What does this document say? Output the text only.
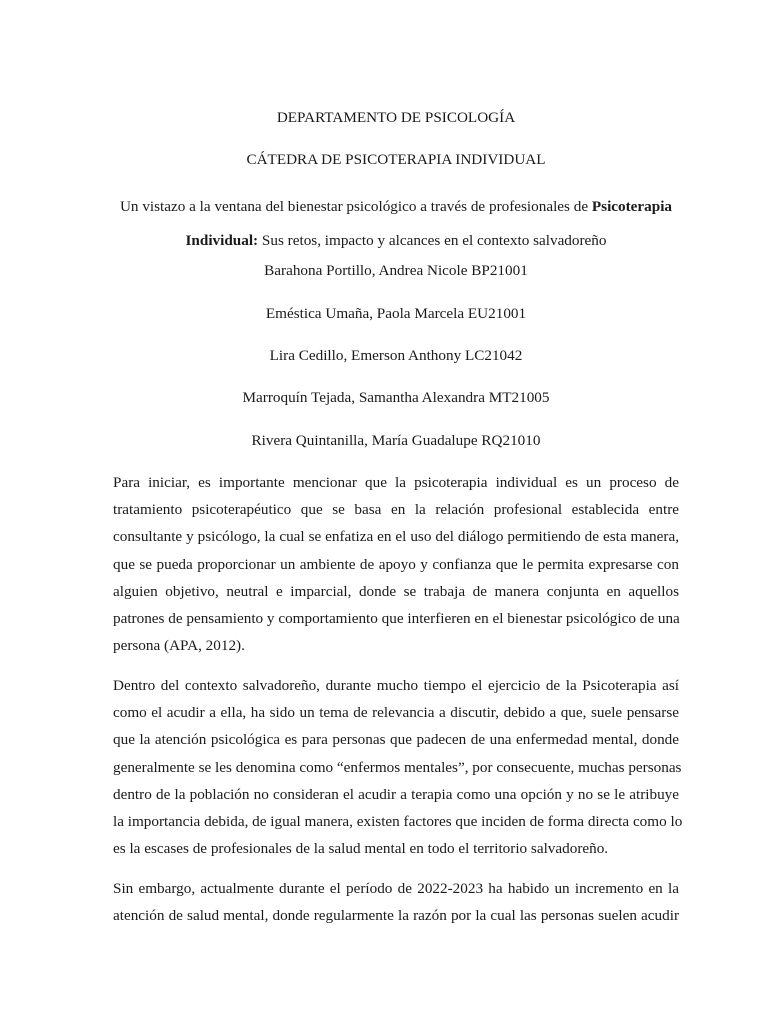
DEPARTAMENTO DE PSICOLOGÍA
CÁTEDRA DE PSICOTERAPIA INDIVIDUAL
Un vistazo a la ventana del bienestar psicológico a través de profesionales de Psicoterapia
Individual: Sus retos, impacto y alcances en el contexto salvadoreño
Barahona Portillo, Andrea Nicole BP21001
Eméstica Umaña, Paola Marcela EU21001
Lira Cedillo, Emerson Anthony LC21042
Marroquín Tejada, Samantha Alexandra MT21005
Rivera Quintanilla, María Guadalupe RQ21010

Para iniciar, es importante mencionar que la psicoterapia individual es un proceso de
tratamiento psicoterapéutico que se basa en la relación profesional establecida entre
consultante y psicólogo, la cual se enfatiza en el uso del diálogo permitiendo de esta manera,
que se pueda proporcionar un ambiente de apoyo y confianza que le permita expresarse con
alguien objetivo, neutral e imparcial, donde se trabaja de manera conjunta en aquellos
patrones de pensamiento y comportamiento que interfieren en el bienestar psicológico de una
persona (APA, 2012).

Dentro del contexto salvadoreño, durante mucho tiempo el ejercicio de la Psicoterapia así
como el acudir a ella, ha sido un tema de relevancia a discutir, debido a que, suele pensarse
que la atención psicológica es para personas que padecen de una enfermedad mental, donde
generalmente se les denomina como “enfermos mentales”, por consecuente, muchas personas
dentro de la población no consideran el acudir a terapia como una opción y no se le atribuye
la importancia debida, de igual manera, existen factores que inciden de forma directa como lo
es la escases de profesionales de la salud mental en todo el territorio salvadoreño.

Sin embargo, actualmente durante el período de 2022-2023 ha habido un incremento en la
atención de salud mental, donde regularmente la razón por la cual las personas suelen acudir
